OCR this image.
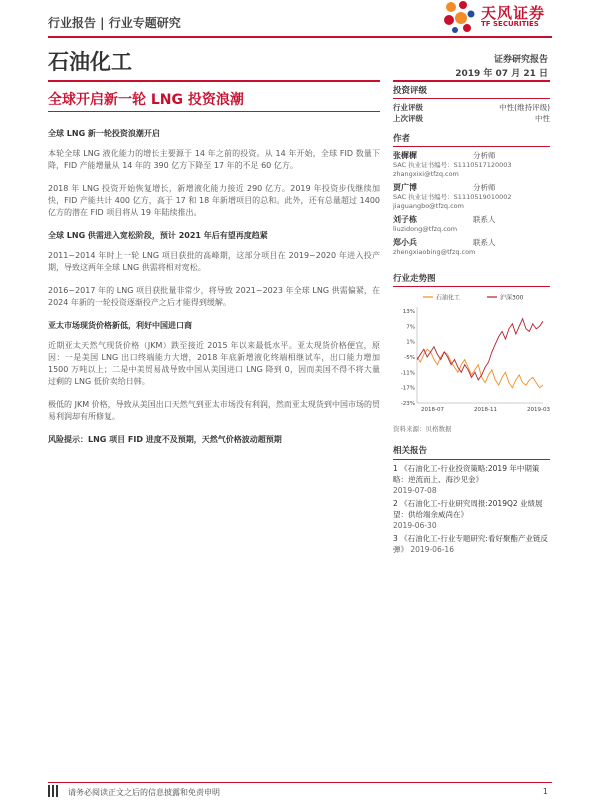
行业报告 | 行业专题研究
天风证券
TF SECURITIES
石油化工	证券研究报告
2019 年 07 月 21 日
全球开启新一轮 LNG 投资浪潮
全球 LNG 新一轮投资浪潮开启
本轮全球 LNG 液化能力的增长主要源于 14 年之前的投资。从 14 年开始，全球 FID 数量下降，FID 产能增量从 14 年的 390 亿方下降至 17 年的不足 60 亿方。
2018 年 LNG 投资开始恢复增长，新增液化能力接近 290 亿方。2019 年投资步伐继续加快，FID 产能共计 400 亿方，高于 17 和 18 年新增项目的总和。此外，还有总量超过 1400 亿方的潜在 FID 项目将从 19 年陆续推出。
全球 LNG 供需进入宽松阶段，预计 2021 年后有望再度趋紧
2011~2014 年时上一轮 LNG 项目获批的高峰期，这部分项目在 2019~2020 年进入投产期，导致这两年全球 LNG 供需将相对宽松。
2016~2017 年的 LNG 项目获批量非常少，将导致 2021~2023 年全球 LNG 供需偏紧，在 2024 年新的一轮投资逐渐投产之后才能得到缓解。
亚太市场现货价格新低，利好中国进口商
近期亚太天然气现货价格（JKM）跌至接近 2015 年以来最低水平。亚太现货价格便宜，原因：一是美国 LNG 出口终端能力大增，2018 年底新增液化终端相继试车，出口能力增加 1500 万吨以上；二是中美贸易战导致中国从美国进口 LNG 降到 0，因而美国不得不将大量过剩的 LNG 低价卖给日韩。
极低的 JKM 价格，导致从美国出口天然气到亚太市场没有利润，然而亚太现货到中国市场的贸易利润却有所修复。
风险提示：LNG 项目 FID 进度不及预期，天然气价格波动超预期
投资评级
行业评级	中性(维持评级)
上次评级	中性
作者
张樨樨	分析师
SAC 执业证书编号：S1110517120003
zhangxixi@tfzq.com
贾广博	分析师
SAC 执业证书编号：S1110519010002
jiaguangbo@tfzq.com
刘子栋	联系人
liuzidong@tfzq.com
郑小兵	联系人
zhengxiaobing@tfzq.com
行业走势图
石油化工	沪深300
13%
7%
1%
-5%
-11%
-17%
-23%
2018-07	2018-11	2019-03
资料来源：贝格数据
相关报告
1 《石油化工-行业投资策略:2019 年中期策略：逆流而上、海沙见金》
2019-07-08
2 《石油化工-行业研究周报:2019Q2 业绩展望：供给端余威尚在》
2019-06-30
3 《石油化工-行业专题研究:看好聚酯产业链反弹》 2019-06-16
请务必阅读正文之后的信息披露和免责申明	1
